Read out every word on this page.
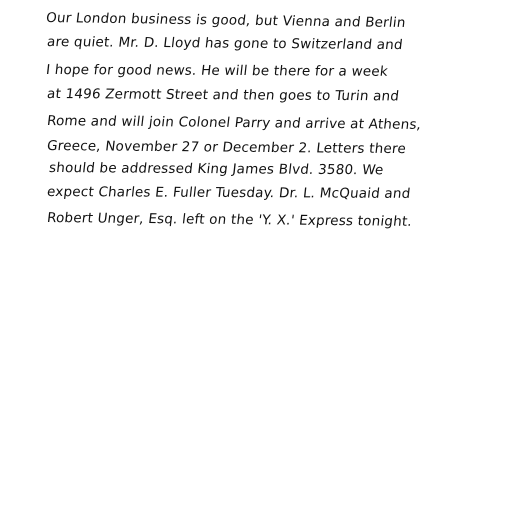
Our London business is good, but Vienna and Berlin
are quiet. Mr. D. Lloyd has gone to Switzerland and
I hope for good news. He will be there for a week
at 1496 Zermott Street and then goes to Turin and
Rome and will join Colonel Parry and arrive at Athens,
Greece, November 27 or December 2. Letters there
should be addressed King James Blvd. 3580. We
expect Charles E. Fuller Tuesday. Dr. L. McQuaid and
Robert Unger, Esq. left on the 'Y. X.' Express tonight.
